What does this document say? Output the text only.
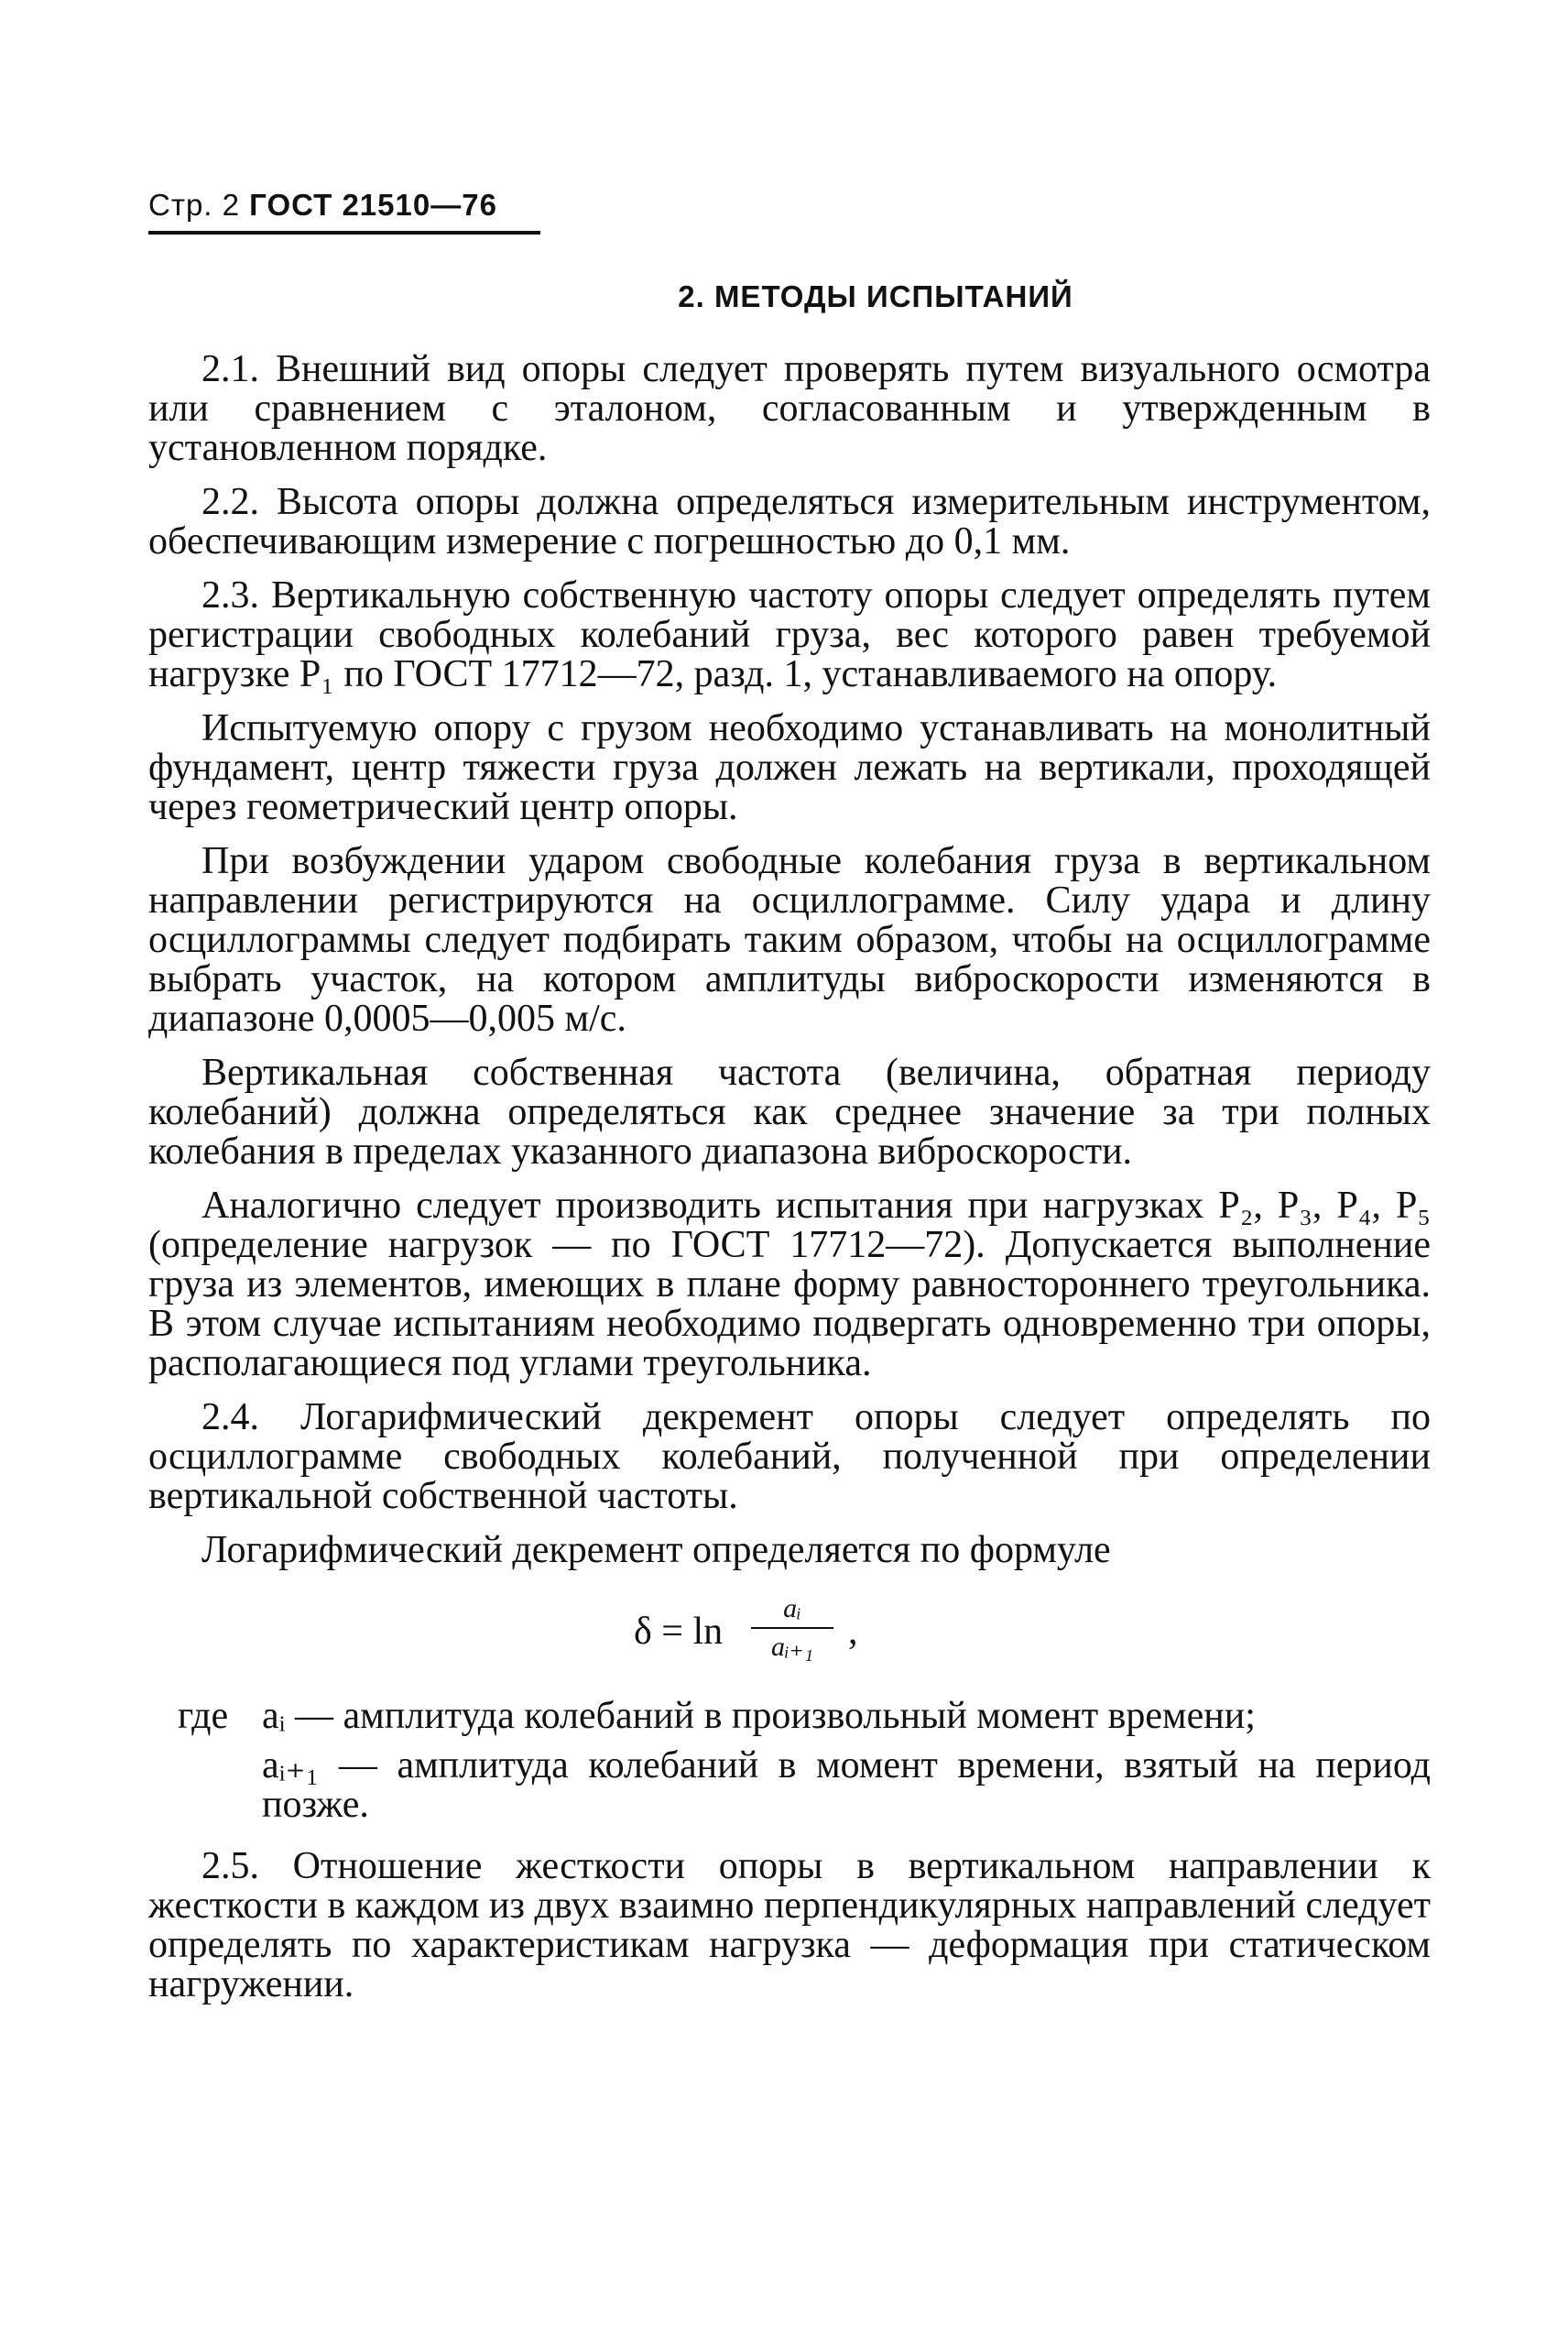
Стр. 2 ГОСТ 21510—76
2. МЕТОДЫ ИСПЫТАНИЙ

2.1. Внешний вид опоры следует проверять путем визуального осмотра или сравнением с эталоном, согласованным и утвержденным в установленном порядке.

2.2. Высота опоры должна определяться измерительным инструментом, обеспечивающим измерение с погрешностью до 0,1 мм.

2.3. Вертикальную собственную частоту опоры следует определять путем регистрации свободных колебаний груза, вес которого равен требуемой нагрузке P₁ по ГОСТ 17712—72, разд. 1, устанавливаемого на опору.

Испытуемую опору с грузом необходимо устанавливать на монолитный фундамент, центр тяжести груза должен лежать на вертикали, проходящей через геометрический центр опоры.

При возбуждении ударом свободные колебания груза в вертикальном направлении регистрируются на осциллограмме. Силу удара и длину осциллограммы следует подбирать таким образом, чтобы на осциллограмме выбрать участок, на котором амплитуды виброскорости изменяются в диапазоне 0,0005—0,005 м/с.

Вертикальная собственная частота (величина, обратная периоду колебаний) должна определяться как среднее значение за три полных колебания в пределах указанного диапазона виброскорости.

Аналогично следует производить испытания при нагрузках P₂, P₃, P₄, P₅ (определение нагрузок — по ГОСТ 17712—72). Допускается выполнение груза из элементов, имеющих в плане форму равностороннего треугольника. В этом случае испытаниям необходимо подвергать одновременно три опоры, располагающиеся под углами треугольника.

2.4. Логарифмический декремент опоры следует определять по осциллограмме свободных колебаний, полученной при определении вертикальной собственной частоты.

Логарифмический декремент определяется по формуле

δ = ln
aᵢ
aᵢ₊₁ ,
где aᵢ — амплитуда колебаний в произвольный момент времени;
aᵢ₊₁ — амплитуда колебаний в момент времени, взятый на период позже.

2.5. Отношение жесткости опоры в вертикальном направлении к жесткости в каждом из двух взаимно перпендикулярных направлений следует определять по характеристикам нагрузка — деформация при статическом нагружении.
